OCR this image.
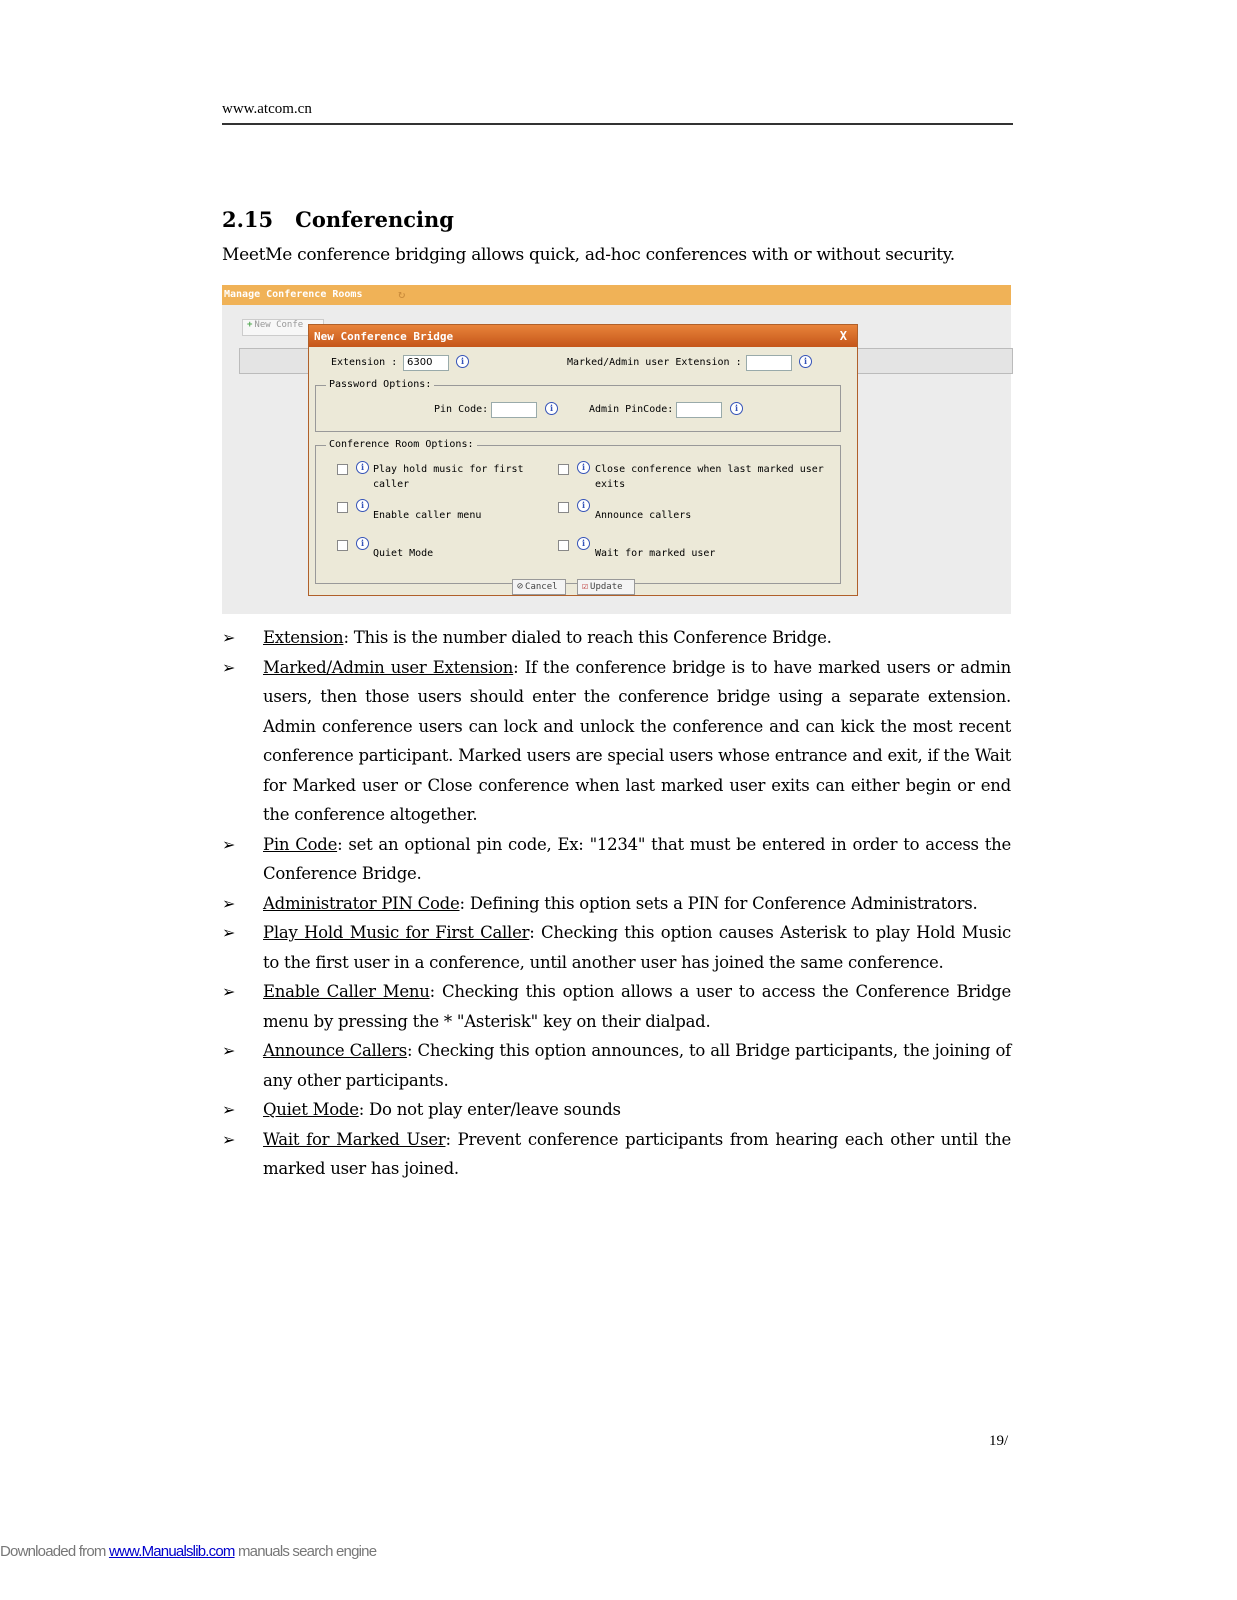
www.atcom.cn
2.15 Conferencing
MeetMe conference bridging allows quick, ad-hoc conferences with or without security.
Manage Conference Rooms	↻
+ New Confe
New Conference Bridge	X
Extension : 6300	i	Marked/Admin user Extension :	i
Password Options:
Pin Code:	i	Admin PinCode:	i
Conference Room Options:
i Play hold music for first
caller
i Close conference when last marked user
exits
i
Enable caller menu
i
Announce callers
i
Quiet Mode
i
Wait for marked user
⊘ Cancel	☑ Update
➢ Extension: This is the number dialed to reach this Conference Bridge.
➢ Marked/Admin user Extension: If the conference bridge is to have marked users or admin users, then those users should enter the conference bridge using a separate extension. Admin conference users can lock and unlock the conference and can kick the most recent conference participant. Marked users are special users whose entrance and exit, if the Wait for Marked user or Close conference when last marked user exits can either begin or end the conference altogether.
➢ Pin Code: set an optional pin code, Ex: "1234" that must be entered in order to access the Conference Bridge.
➢ Administrator PIN Code: Defining this option sets a PIN for Conference Administrators.
➢ Play Hold Music for First Caller: Checking this option causes Asterisk to play Hold Music to the first user in a conference, until another user has joined the same conference.
➢ Enable Caller Menu: Checking this option allows a user to access the Conference Bridge menu by pressing the * "Asterisk" key on their dialpad.
➢ Announce Callers: Checking this option announces, to all Bridge participants, the joining of any other participants.
➢ Quiet Mode: Do not play enter/leave sounds
➢ Wait for Marked User: Prevent conference participants from hearing each other until the marked user has joined.
19/
Downloaded from www.Manualslib.com manuals search engine
